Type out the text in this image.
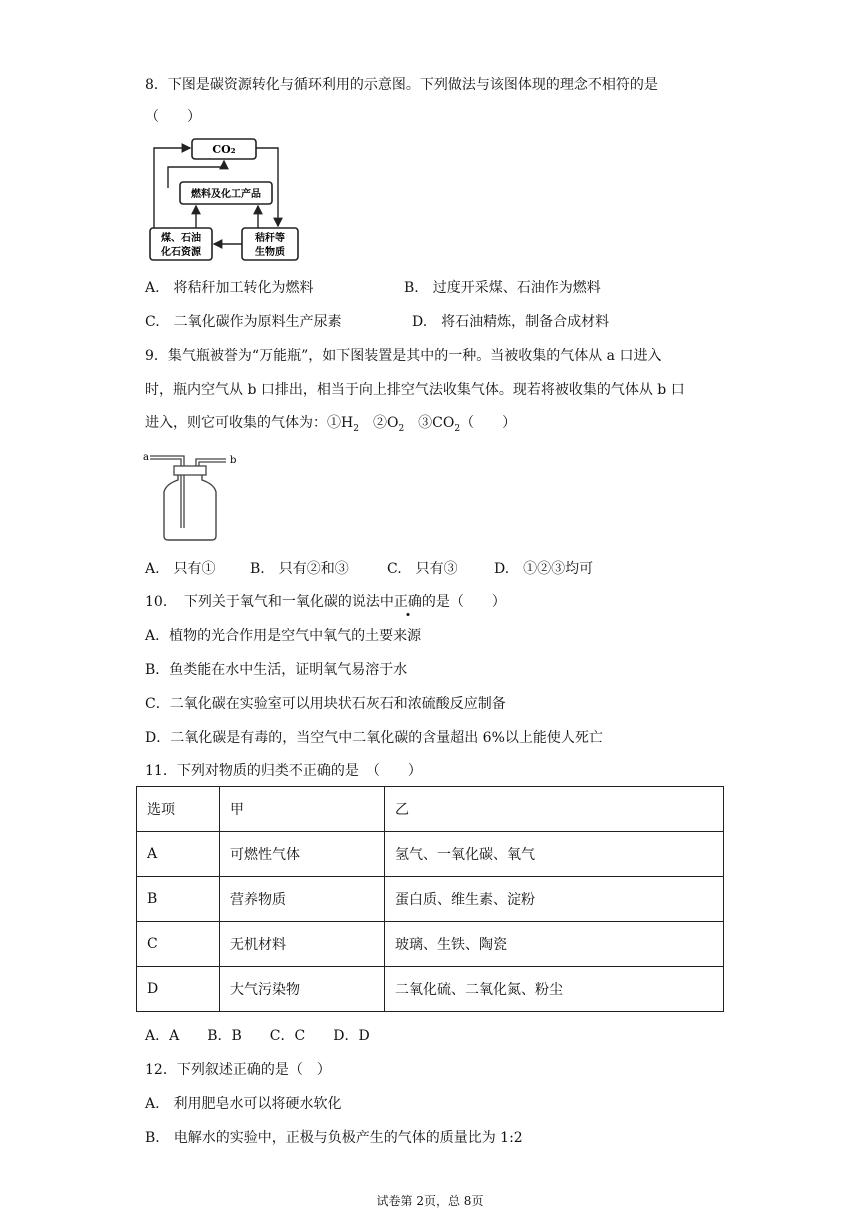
8．下图是碳资源转化与循环利用的示意图。下列做法与该图体现的理念不相符的是
（　　）
CO₂
燃料及化工产品
煤、石油
化石资源
秸秆等
生物质
A.　将秸秆加工转化为燃料	B.　过度开采煤、石油作为燃料
C.　二氧化碳作为原料生产尿素	D.　将石油精炼，制备合成材料
9．集气瓶被誉为“万能瓶”，如下图装置是其中的一种。当被收集的气体从 a 口进入
时，瓶内空气从 b 口排出，相当于向上排空气法收集气体。现若将被收集的气体从 b 口
进入，则它可收集的气体为：$①H_2$　$②O_2$　$③CO_2$（　　）
a	b
A.　只有① B.　只有②和③	C.　只有③	D.　①②③均可
10．　下列关于氧气和一氧化碳的说法中正确的是（　　）
A．植物的光合作用是空气中氧气的土要来源
B．鱼类能在水中生活，证明氧气易溶于水
C．二氧化碳在实验室可以用块状石灰石和浓硫酸反应制备
D．二氧化碳是有毒的，当空气中二氧化碳的含量超出 6%以上能使人死亡
11．下列对物质的归类不正确的是　（　　）
选项	甲	乙
A	可燃性气体	氢气、一氧化碳、氧气
B	营养物质	蛋白质、维生素、淀粉
C	无机材料	玻璃、生铁、陶瓷
D	大气污染物	二氧化硫、二氧化氮、粉尘
A．A　　B．B　　C．C　　D．D
12．下列叙述正确的是（　）
A.　利用肥皂水可以将硬水软化
B.　电解水的实验中，正极与负极产生的气体的质量比为 1:2
试卷第 2页，总 8页
